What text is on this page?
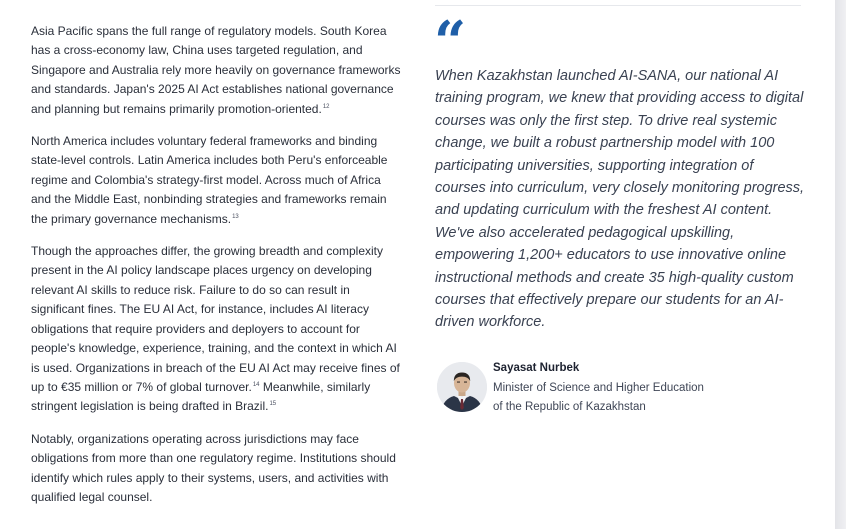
Asia Pacific spans the full range of regulatory models. South Korea has a cross-economy law, China uses targeted regulation, and Singapore and Australia rely more heavily on governance frameworks and standards. Japan's 2025 AI Act establishes national governance and planning but remains primarily promotion-oriented.$^{12}$

North America includes voluntary federal frameworks and binding state-level controls. Latin America includes both Peru's enforceable regime and Colombia's strategy-first model. Across much of Africa and the Middle East, nonbinding strategies and frameworks remain the primary governance mechanisms.$^{13}$

Though the approaches differ, the growing breadth and complexity present in the AI policy landscape places urgency on developing relevant AI skills to reduce risk. Failure to do so can result in significant fines. The EU AI Act, for instance, includes AI literacy obligations that require providers and deployers to account for people's knowledge, experience, training, and the context in which AI is used. Organizations in breach of the EU AI Act may receive fines of up to €35 million or 7% of global turnover.$^{14}$ Meanwhile, similarly stringent legislation is being drafted in Brazil.$^{15}$

Notably, organizations operating across jurisdictions may face obligations from more than one regulatory regime. Institutions should identify which rules apply to their systems, users, and activities with qualified legal counsel.

“

When Kazakhstan launched AI-SANA, our national AI training program, we knew that providing access to digital courses was only the first step. To drive real systemic change, we built a robust partnership model with 100 participating universities, supporting integration of courses into curriculum, very closely monitoring progress, and updating curriculum with the freshest AI content. We've also accelerated pedagogical upskilling, empowering 1,200+ educators to use innovative online instructional methods and create 35 high-quality custom courses that effectively prepare our students for an AI-driven workforce.

Sayasat Nurbek
Minister of Science and Higher Education
of the Republic of Kazakhstan
